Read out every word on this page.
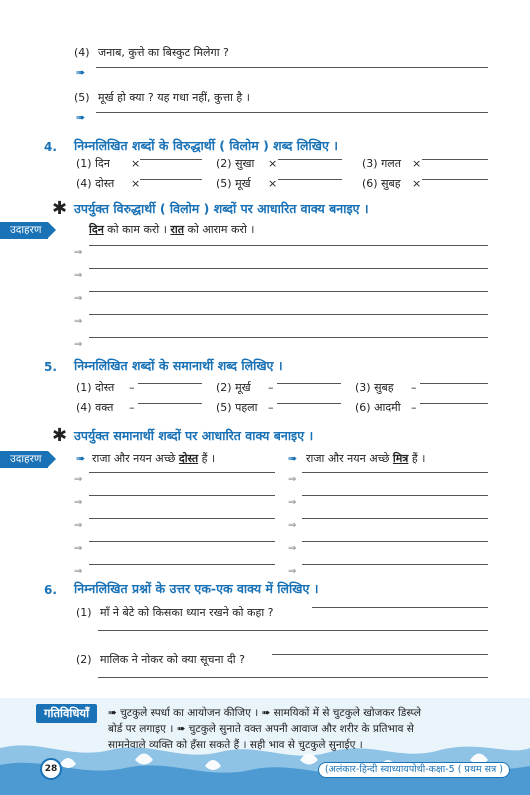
(4) जनाब, कुत्ते का बिस्कुट मिलेगा ?
➠
(5) मूर्ख हो क्या ? यह गधा नहीं, कुत्ता है ।
➠
4. निम्नलिखित शब्दों के विरुद्धार्थी ( विलोम ) शब्द लिखिए ।
(1) दिन ×	(2) सुखा ×	(3) गलत ×
(4) दोस्त ×	(5) मूर्ख ×	(6) सुबह ×
✱ उपर्युक्त विरुद्धार्थी ( विलोम ) शब्दों पर आधारित वाक्य बनाइए ।
उदाहरण	दिन को काम करो । रात को आराम करो ।
⇒
⇒
⇒
⇒
⇒
5. निम्नलिखित शब्दों के समानार्थी शब्द लिखिए ।
(1) दोस्त –	(2) मूर्ख –	(3) सुबह –
(4) वक्त –	(5) पहला –	(6) आदमी –
✱ उपर्युक्त समानार्थी शब्दों पर आधारित वाक्य बनाइए ।
उदाहरण	➠ राजा और नयन अच्छे दोस्त हैं ।	➠ राजा और नयन अच्छे मित्र हैं ।
⇒
⇒
⇒
⇒
⇒
⇒
⇒
⇒
⇒
⇒
6. निम्नलिखित प्रश्नों के उत्तर एक-एक वाक्य में लिखिए ।
(1) माँ ने बेटे को किसका ध्यान रखने को कहा ?
(2) मालिक ने नोकर को क्या सूचना दी ?
गतिविधियाँ	➠ चुटकुले स्पर्धा का आयोजन कीजिए । ➠ सामयिकों में से चुटकुले खोजकर डिस्प्ले
बोर्ड पर लगाइए । ➠ चुटकुले सुनाते वक्त अपनी आवाज और शरीर के प्रतिभाव से
सामनेवाले व्यक्ति को हँसा सकते हैं । सही भाव से चुटकुले सुनाईए ।
28	(अलंकार-हिन्दी स्वाध्यायपोथी-कक्षा-5 ( प्रथम सत्र )
